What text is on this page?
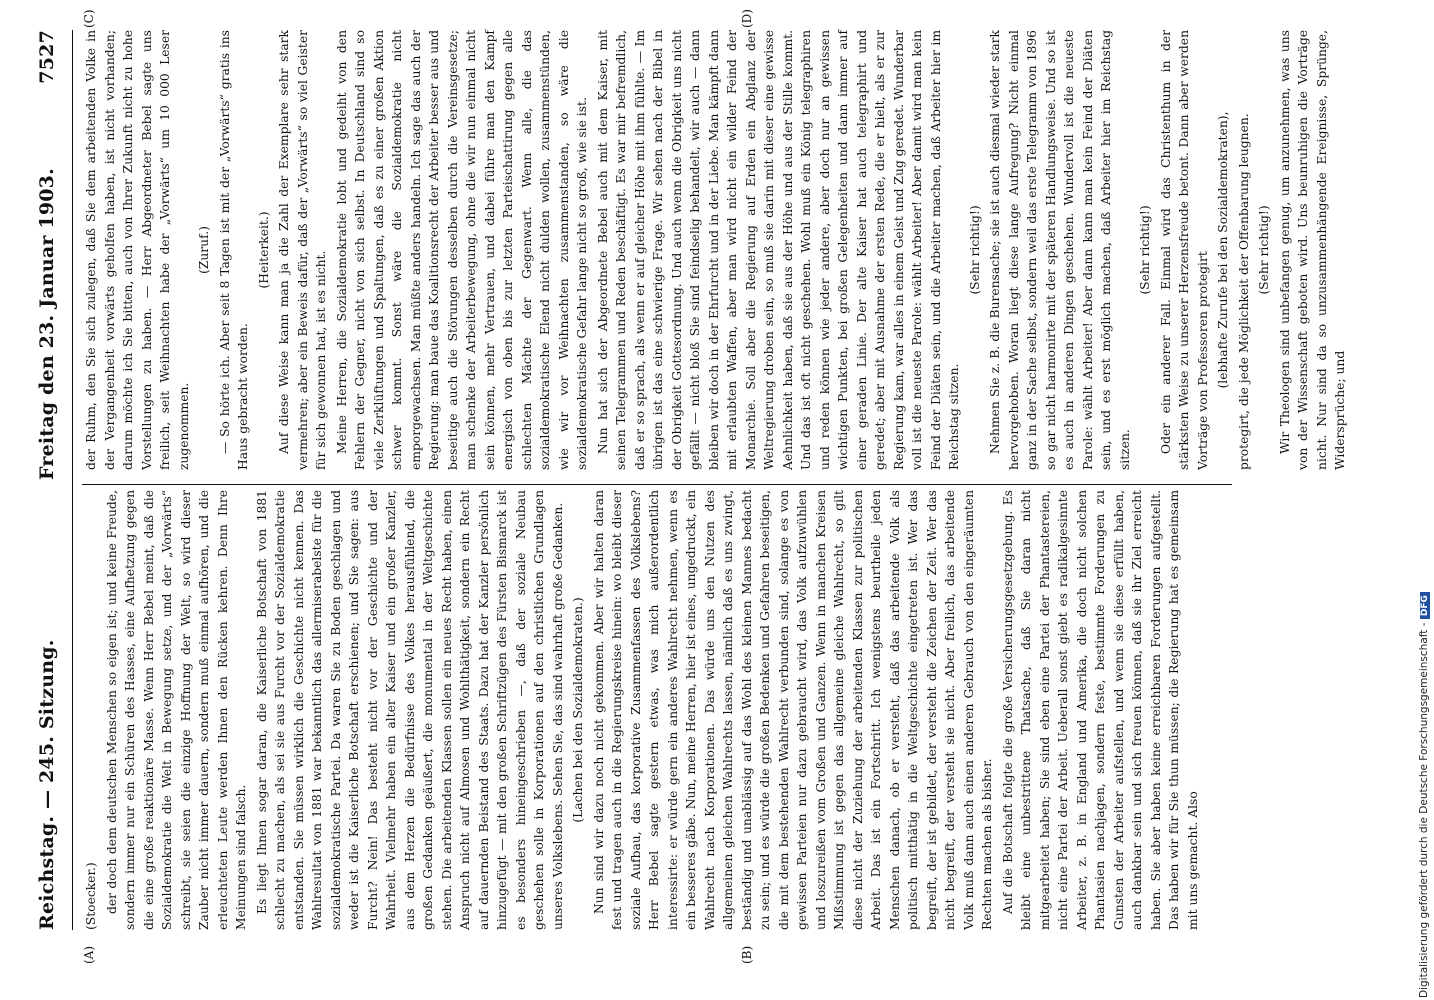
Reichstag. — 245. Sitzung.
Freitag den 23. Januar 1903.
7527
(A)	(B)
(C)	(D)

(Stoecker.) der doch dem deutschen Menschen so eigen ist; und keine Freude, sondern immer nur ein Schüren des Hasses, eine Aufhetzung gegen die eine große reaktionäre Masse. Wenn Herr Bebel meint, daß die Sozialdemokratie die Welt in Bewegung setze, und der „Vorwärts“ schreibt, sie seien die einzige Hoffnung der Welt, so wird dieser Zauber nicht immer dauern, sondern muß einmal aufhören, und die erleuchteten Leute werden Ihnen den Rücken kehren. Denn Ihre Meinungen sind falsch. Es liegt Ihnen sogar daran, die Kaiserliche Botschaft von 1881 schlecht zu machen, als sei sie aus Furcht vor der Sozialdemokratie entstanden. Sie müssen wirklich die Geschichte nicht kennen. Das Wahlresultat von 1881 war bekanntlich das allermiserabelste für die sozialdemokratische Partei. Da waren Sie zu Boden geschlagen und weder ist die Kaiserliche Botschaft erschienen; und Sie sagen: aus Furcht? Nein! Das besteht nicht vor der Geschichte und der Wahrheit. Vielmehr haben ein alter Kaiser und ein großer Kanzler, aus dem Herzen die Bedürfnisse des Volkes herausfühlend, die großen Gedanken geäußert, die monumental in der Weltgeschichte stehen. Die arbeitenden Klassen sollen ein neues Recht haben, einen Anspruch nicht auf Almosen und Wohlthätigkeit, sondern ein Recht auf dauernden Beistand des Staats. Dazu hat der Kanzler persönlich hinzugefügt — mit den großen Schriftzügen des Fürsten Bismarck ist es besonders hineingeschrieben —, daß der soziale Neubau geschehen solle in Korporationen auf den christlichen Grundlagen unseres Volkslebens. Sehen Sie, das sind wahrhaft große Gedanken. (Lachen bei den Sozialdemokraten.) Nun sind wir dazu noch nicht gekommen. Aber wir halten daran fest und tragen auch in die Regierungskreise hinein: wo bleibt dieser soziale Aufbau, das korporative Zusammenfassen des Volkslebens? Herr Bebel sagte gestern etwas, was mich außerordentlich interessirte: er würde gern ein anderes Wahlrecht nehmen, wenn es ein besseres gäbe. Nun, meine Herren, hier ist eines, ungedruckt, ein Wahlrecht nach Korporationen. Das würde uns den Nutzen des allgemeinen gleichen Wahlrechts lassen, nämlich daß es uns zwingt, beständig und unablässig auf das Wohl des kleinen Mannes bedacht zu sein; und es würde die großen Bedenken und Gefahren beseitigen, die mit dem bestehenden Wahlrecht verbunden sind, solange es von gewissen Parteien nur dazu gebraucht wird, das Volk aufzuwühlen und loszureißen vom Großen und Ganzen. Wenn in manchen Kreisen Mißstimmung ist gegen das allgemeine gleiche Wahlrecht, so gilt diese nicht der Zuziehung der arbeitenden Klassen zur politischen Arbeit. Das ist ein Fortschritt. Ich wenigstens beurtheile jeden Menschen danach, ob er versteht, daß das arbeitende Volk als politisch mitthätig in die Weltgeschichte eingetreten ist. Wer das begreift, der ist gebildet, der versteht die Zeichen der Zeit. Wer das nicht begreift, der versteht sie nicht. Aber freilich, das arbeitende Volk muß dann auch einen anderen Gebrauch von den eingeräumten Rechten machen als bisher. Auf die Botschaft folgte die große Versicherungsgesetzgebung. Es bleibt eine unbestrittene Thatsache, daß Sie daran nicht mitgearbeitet haben; Sie sind eben eine Partei der Phantastereien, nicht eine Partei der Arbeit. Ueberall sonst giebt es radikalgesinnte Arbeiter, z. B. in England und Amerika, die doch nicht solchen Phantasien nachjagen, sondern feste, bestimmte Forderungen zu Gunsten der Arbeiter aufstellen, und wenn sie diese erfüllt haben, auch dankbar sein und sich freuen können, daß sie ihr Ziel erreicht haben. Sie aber haben keine erreichbaren Forderungen aufgestellt. Das haben wir für Sie thun müssen; die Regierung hat es gemeinsam mit uns gemacht. Also

der Ruhm, den Sie sich zulegen, daß Sie dem arbeitenden Volke in der Vergangenheit vorwärts geholfen haben, ist nicht vorhanden; darum möchte ich Sie bitten, auch von Ihrer Zukunft nicht zu hohe Vorstellungen zu haben. — Herr Abgeordneter Bebel sagte uns freilich, seit Weihnachten habe der „Vorwärts“ um 10 000 Leser zugenommen.

(Zuruf.) — So hörte ich. Aber seit 8 Tagen ist mit der „Vorwärts“ gratis ins Haus gebracht worden.

(Heiterkeit.) Auf diese Weise kann man ja die Zahl der Exemplare sehr stark vermehren; aber ein Beweis dafür, daß der „Vorwärts“ so viel Geister für sich gewonnen hat, ist es nicht. Meine Herren, die Sozialdemokratie lobt und gedeiht von den Fehlern der Gegner, nicht von sich selbst. In Deutschland sind so viele Zerklüftungen und Spaltungen, daß es zu einer großen Aktion schwer kommt. Sonst wäre die Sozialdemokratie nicht emporgewachsen. Man müßte anders handeln. Ich sage das auch der Regierung: man baue das Koalitionsrecht der Arbeiter besser aus und beseitige auch die Störungen desselben durch die Vereinsgesetze; man schenke der Arbeiterbewegung, ohne die wir nun einmal nicht sein können, mehr Vertrauen, und dabei führe man den Kampf energisch von oben bis zur letzten Parteischattirung gegen alle schlechten Mächte der Gegenwart. Wenn alle, die das sozialdemokratische Elend nicht dulden wollen, zusammenstünden, wie wir vor Weihnachten zusammenstanden, so wäre die sozialdemokratische Gefahr lange nicht so groß, wie sie ist. Nun hat sich der Abgeordnete Bebel auch mit dem Kaiser, mit seinen Telegrammen und Reden beschäftigt. Es war mir befremdlich, daß er so sprach, als wenn er auf gleicher Höhe mit ihm fühlte. — Im übrigen ist das eine schwierige Frage. Wir sehen nach der Bibel in der Obrigkeit Gottesordnung. Und auch wenn die Obrigkeit uns nicht gefällt — nicht bloß Sie sind feindselig behandelt, wir auch — dann bleiben wir doch in der Ehrfurcht und in der Liebe. Man kämpft dann mit erlaubten Waffen, aber man wird nicht ein wilder Feind der Monarchie. Soll aber die Regierung auf Erden ein Abglanz der Weltregierung droben sein, so muß sie darin mit dieser eine gewisse Aehnlichkeit haben, daß sie aus der Höhe und aus der Stille kommt. Und das ist oft nicht geschehen. Wohl muß ein König telegraphiren und reden können wie jeder andere, aber doch nur an gewissen wichtigen Punkten, bei großen Gelegenheiten und dann immer auf einer geraden Linie. Der alte Kaiser hat auch telegraphirt und geredet; aber mit Ausnahme der ersten Rede, die er hielt, als er zur Regierung kam, war alles in einem Geist und Zug geredet. Wunderbar voll ist die neueste Parole: wählt Arbeiter! Aber damit wird man kein Feind der Diäten sein, und die Arbeiter machen, daß Arbeiter hier im Reichstag sitzen.

(Sehr richtig!) Nehmen Sie z. B. die Burensache; sie ist auch diesmal wieder stark hervorgehoben. Woran liegt diese lange Aufregung? Nicht einmal ganz in der Sache selbst, sondern weil das erste Telegramm von 1896 so gar nicht harmonirte mit der späteren Handlungsweise. Und so ist es auch in anderen Dingen geschehen. Wundervoll ist die neueste Parole: wählt Arbeiter! Aber dann kann man kein Feind der Diäten sein, und es erst möglich machen, daß Arbeiter hier im Reichstag sitzen.

(Sehr richtig!) Oder ein anderer Fall. Einmal wird das Christenthum in der stärksten Weise zu unserer Herzensfreude betont. Dann aber werden Vorträge von Professoren protegirt (lebhafte Zurufe bei den Sozialdemokraten), protegirt, die jede Möglichkeit der Offenbarung leugnen. (Sehr richtig!) Wir Theologen sind unbefangen genug, um anzunehmen, was uns von der Wissenschaft geboten wird. Uns beunruhigen die Vorträge nicht. Nur sind da so unzusammenhängende Ereignisse, Sprünge, Widersprüche; und

Digitalisierung gefördert durch die Deutsche Forschungsgemeinschaft - DFG
